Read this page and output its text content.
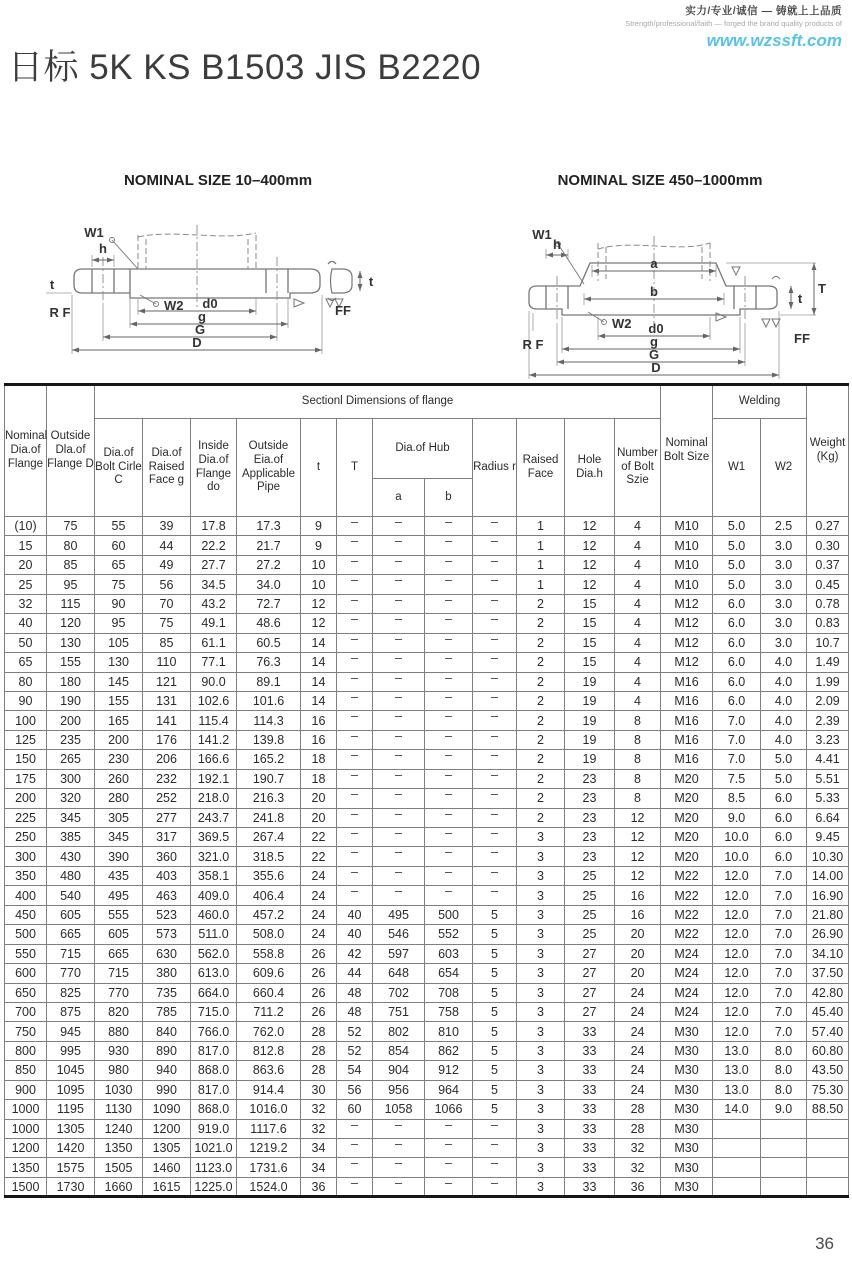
实力/专业/诚信 — 铸就上上品质
Strength/professional/faith — forged the brand quality products of
www.wzssft.com
日标 5K KS B1503 JIS B2220
NOMINAL SIZE 10–400mm
W1
h
t
R F	W2 d0
g
G
D
FF
t
NOMINAL SIZE 450–1000mm
W1
h
a
b	t
T
R F
W2 d0
g
G
D
FF
Nominal Dia.of Flange	Outside Dla.of Flange D	Sectionl Dimensions of flange												Nominal Bolt Size	Welding		Weight (Kg)
		Dia.of Bolt Cirle C	Dia.of Raised Face g	Inside Dia.of Flange do	Outside Eia.of Applicable Pipe	t	T	Dia.of Hub		Radius r	Raised Face	Hole Dia.h	Number of Bolt Szie		W1	W2	
								a	b								
(10)	75	55	39	17.8	17.3	9	–	–	–	–	1	12	4	M10	5.0	2.5	0.27
15	80	60	44	22.2	21.7	9	–	–	–	–	1	12	4	M10	5.0	3.0	0.30
20	85	65	49	27.7	27.2	10	–	–	–	–	1	12	4	M10	5.0	3.0	0.37
25	95	75	56	34.5	34.0	10	–	–	–	–	1	12	4	M10	5.0	3.0	0.45
32	115	90	70	43.2	72.7	12	–	–	–	–	2	15	4	M12	6.0	3.0	0.78
40	120	95	75	49.1	48.6	12	–	–	–	–	2	15	4	M12	6.0	3.0	0.83
50	130	105	85	61.1	60.5	14	–	–	–	–	2	15	4	M12	6.0	3.0	10.7
65	155	130	110	77.1	76.3	14	–	–	–	–	2	15	4	M12	6.0	4.0	1.49
80	180	145	121	90.0	89.1	14	–	–	–	–	2	19	4	M16	6.0	4.0	1.99
90	190	155	131	102.6	101.6	14	–	–	–	–	2	19	4	M16	6.0	4.0	2.09
100	200	165	141	115.4	114.3	16	–	–	–	–	2	19	8	M16	7.0	4.0	2.39
125	235	200	176	141.2	139.8	16	–	–	–	–	2	19	8	M16	7.0	4.0	3.23
150	265	230	206	166.6	165.2	18	–	–	–	–	2	19	8	M16	7.0	5.0	4.41
175	300	260	232	192.1	190.7	18	–	–	–	–	2	23	8	M20	7.5	5.0	5.51
200	320	280	252	218.0	216.3	20	–	–	–	–	2	23	8	M20	8.5	6.0	5.33
225	345	305	277	243.7	241.8	20	–	–	–	–	2	23	12	M20	9.0	6.0	6.64
250	385	345	317	369.5	267.4	22	–	–	–	–	3	23	12	M20	10.0	6.0	9.45
300	430	390	360	321.0	318.5	22	–	–	–	–	3	23	12	M20	10.0	6.0	10.30
350	480	435	403	358.1	355.6	24	–	–	–	–	3	25	12	M22	12.0	7.0	14.00
400	540	495	463	409.0	406.4	24	–	–	–	–	3	25	16	M22	12.0	7.0	16.90
450	605	555	523	460.0	457.2	24	40	495	500	5	3	25	16	M22	12.0	7.0	21.80
500	665	605	573	511.0	508.0	24	40	546	552	5	3	25	20	M22	12.0	7.0	26.90
550	715	665	630	562.0	558.8	26	42	597	603	5	3	27	20	M24	12.0	7.0	34.10
600	770	715	380	613.0	609.6	26	44	648	654	5	3	27	20	M24	12.0	7.0	37.50
650	825	770	735	664.0	660.4	26	48	702	708	5	3	27	24	M24	12.0	7.0	42.80
700	875	820	785	715.0	711.2	26	48	751	758	5	3	27	24	M24	12.0	7.0	45.40
750	945	880	840	766.0	762.0	28	52	802	810	5	3	33	24	M30	12.0	7.0	57.40
800	995	930	890	817.0	812.8	28	52	854	862	5	3	33	24	M30	13.0	8.0	60.80
850	1045	980	940	868.0	863.6	28	54	904	912	5	3	33	24	M30	13.0	8.0	43.50
900	1095	1030	990	817.0	914.4	30	56	956	964	5	3	33	24	M30	13.0	8.0	75.30
1000	1195	1130	1090	868.0	1016.0	32	60	1058	1066	5	3	33	28	M30	14.0	9.0	88.50
1000	1305	1240	1200	919.0	1117.6	32	–	–	–	–	3	33	28	M30			
1200	1420	1350	1305	1021.0	1219.2	34	–	–	–	–	3	33	32	M30			
1350	1575	1505	1460	1123.0	1731.6	34	–	–	–	–	3	33	32	M30			
1500	1730	1660	1615	1225.0	1524.0	36	–	–	–	–	3	33	36	M30			
36
